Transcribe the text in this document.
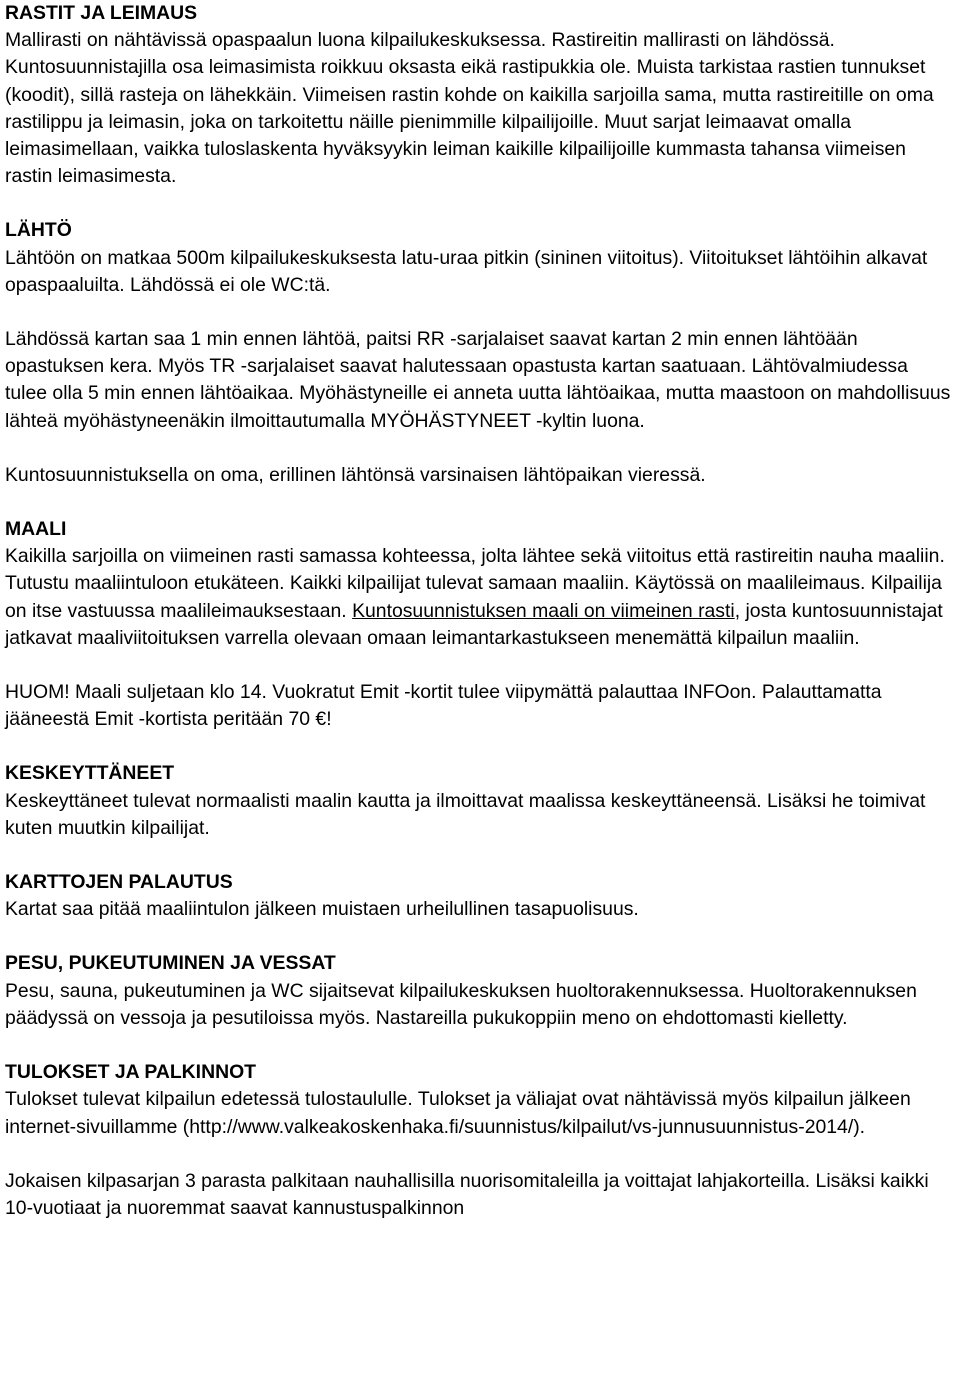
RASTIT JA LEIMAUS

Mallirasti on nähtävissä opaspaalun luona kilpailukeskuksessa. Rastireitin mallirasti on lähdössä. Kuntosuunnistajilla osa leimasimista roikkuu oksasta eikä rastipukkia ole. Muista tarkistaa rastien tunnukset (koodit), sillä rasteja on lähekkäin. Viimeisen rastin kohde on kaikilla sarjoilla sama, mutta rastireitille on oma rastilippu ja leimasin, joka on tarkoitettu näille pienimmille kilpailijoille. Muut sarjat leimaavat omalla leimasimellaan, vaikka tuloslaskenta hyväksyykin leiman kaikille kilpailijoille kummasta tahansa viimeisen rastin leimasimesta.

LÄHTÖ

Lähtöön on matkaa 500m kilpailukeskuksesta latu-uraa pitkin (sininen viitoitus). Viitoitukset lähtöihin alkavat opaspaaluilta. Lähdössä ei ole WC:tä.

Lähdössä kartan saa 1 min ennen lähtöä, paitsi RR -sarjalaiset saavat kartan 2 min ennen lähtöään opastuksen kera. Myös TR -sarjalaiset saavat halutessaan opastusta kartan saatuaan. Lähtövalmiudessa tulee olla 5 min ennen lähtöaikaa. Myöhästyneille ei anneta uutta lähtöaikaa, mutta maastoon on mahdollisuus lähteä myöhästyneenäkin ilmoittautumalla MYÖHÄSTYNEET -kyltin luona.

Kuntosuunnistuksella on oma, erillinen lähtönsä varsinaisen lähtöpaikan vieressä.

MAALI

Kaikilla sarjoilla on viimeinen rasti samassa kohteessa, jolta lähtee sekä viitoitus että rastireitin nauha maaliin. Tutustu maaliintuloon etukäteen. Kaikki kilpailijat tulevat samaan maaliin. Käytössä on maalileimaus. Kilpailija on itse vastuussa maalileimauksestaan. Kuntosuunnistuksen maali on viimeinen rasti, josta kuntosuunnistajat jatkavat maaliviitoituksen varrella olevaan omaan leimantarkastukseen menemättä kilpailun maaliin.

HUOM! Maali suljetaan klo 14. Vuokratut Emit -kortit tulee viipymättä palauttaa INFOon. Palauttamatta jääneestä Emit -kortista peritään 70 €!

KESKEYTTÄNEET

Keskeyttäneet tulevat normaalisti maalin kautta ja ilmoittavat maalissa keskeyttäneensä. Lisäksi he toimivat kuten muutkin kilpailijat.

KARTTOJEN PALAUTUS

Kartat saa pitää maaliintulon jälkeen muistaen urheilullinen tasapuolisuus.

PESU, PUKEUTUMINEN JA VESSAT

Pesu, sauna, pukeutuminen ja WC sijaitsevat kilpailukeskuksen huoltorakennuksessa. Huoltorakennuksen päädyssä on vessoja ja pesutiloissa myös. Nastareilla pukukoppiin meno on ehdottomasti kielletty.

TULOKSET JA PALKINNOT

Tulokset tulevat kilpailun edetessä tulostaululle. Tulokset ja väliajat ovat nähtävissä myös kilpailun jälkeen internet-sivuillamme (http://www.valkeakoskenhaka.fi/suunnistus/kilpailut/vs-junnusuunnistus-2014/).

Jokaisen kilpasarjan 3 parasta palkitaan nauhallisilla nuorisomitaleilla ja voittajat lahjakorteilla. Lisäksi kaikki 10-vuotiaat ja nuoremmat saavat kannustuspalkinnon
